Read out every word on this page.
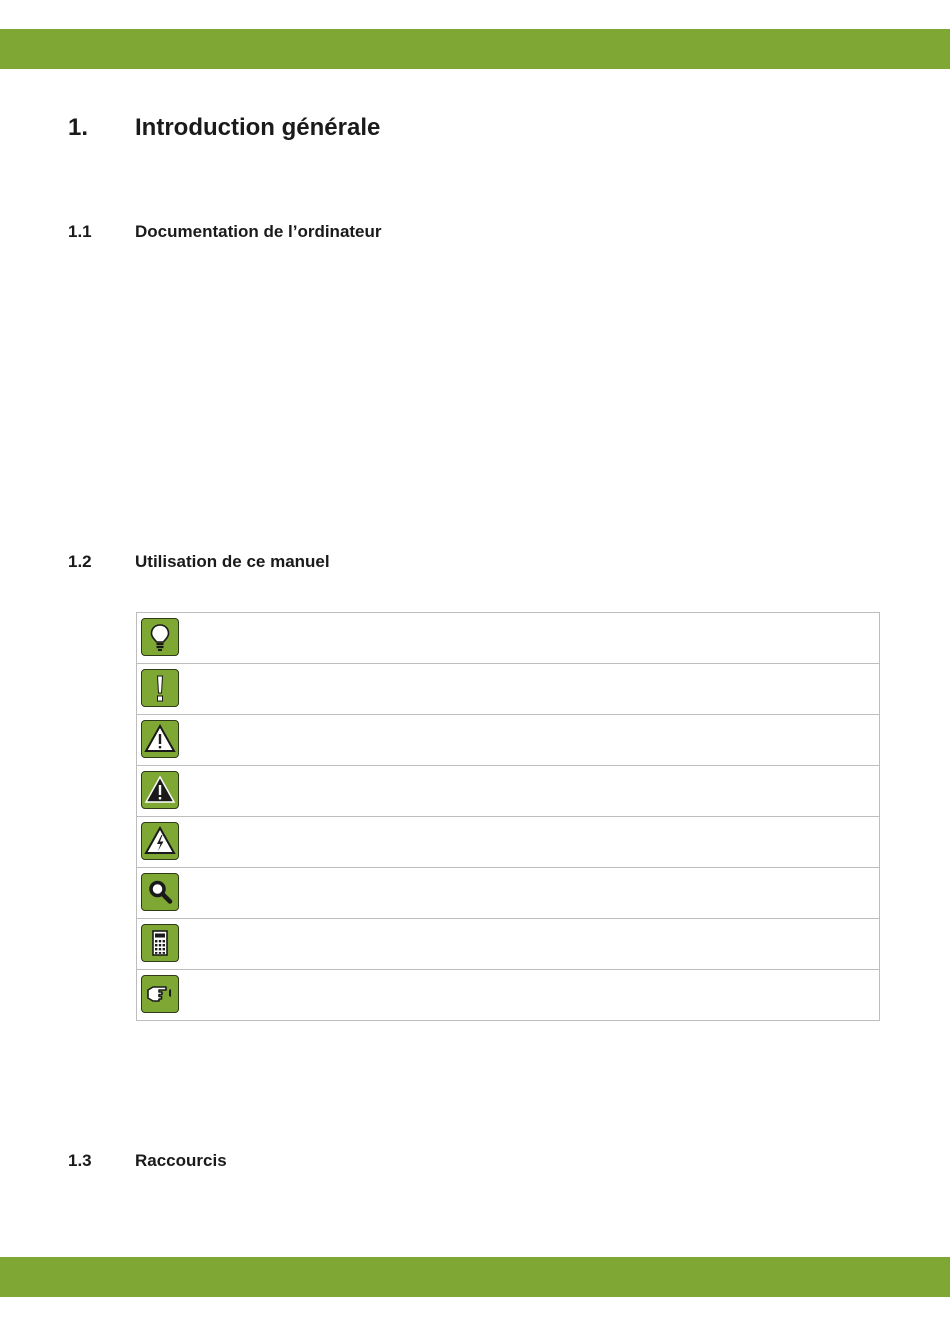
1. Introduction générale
1.1	Documentation de l’ordinateur
1.2	Utilisation de ce manuel
1.3	Raccourcis
